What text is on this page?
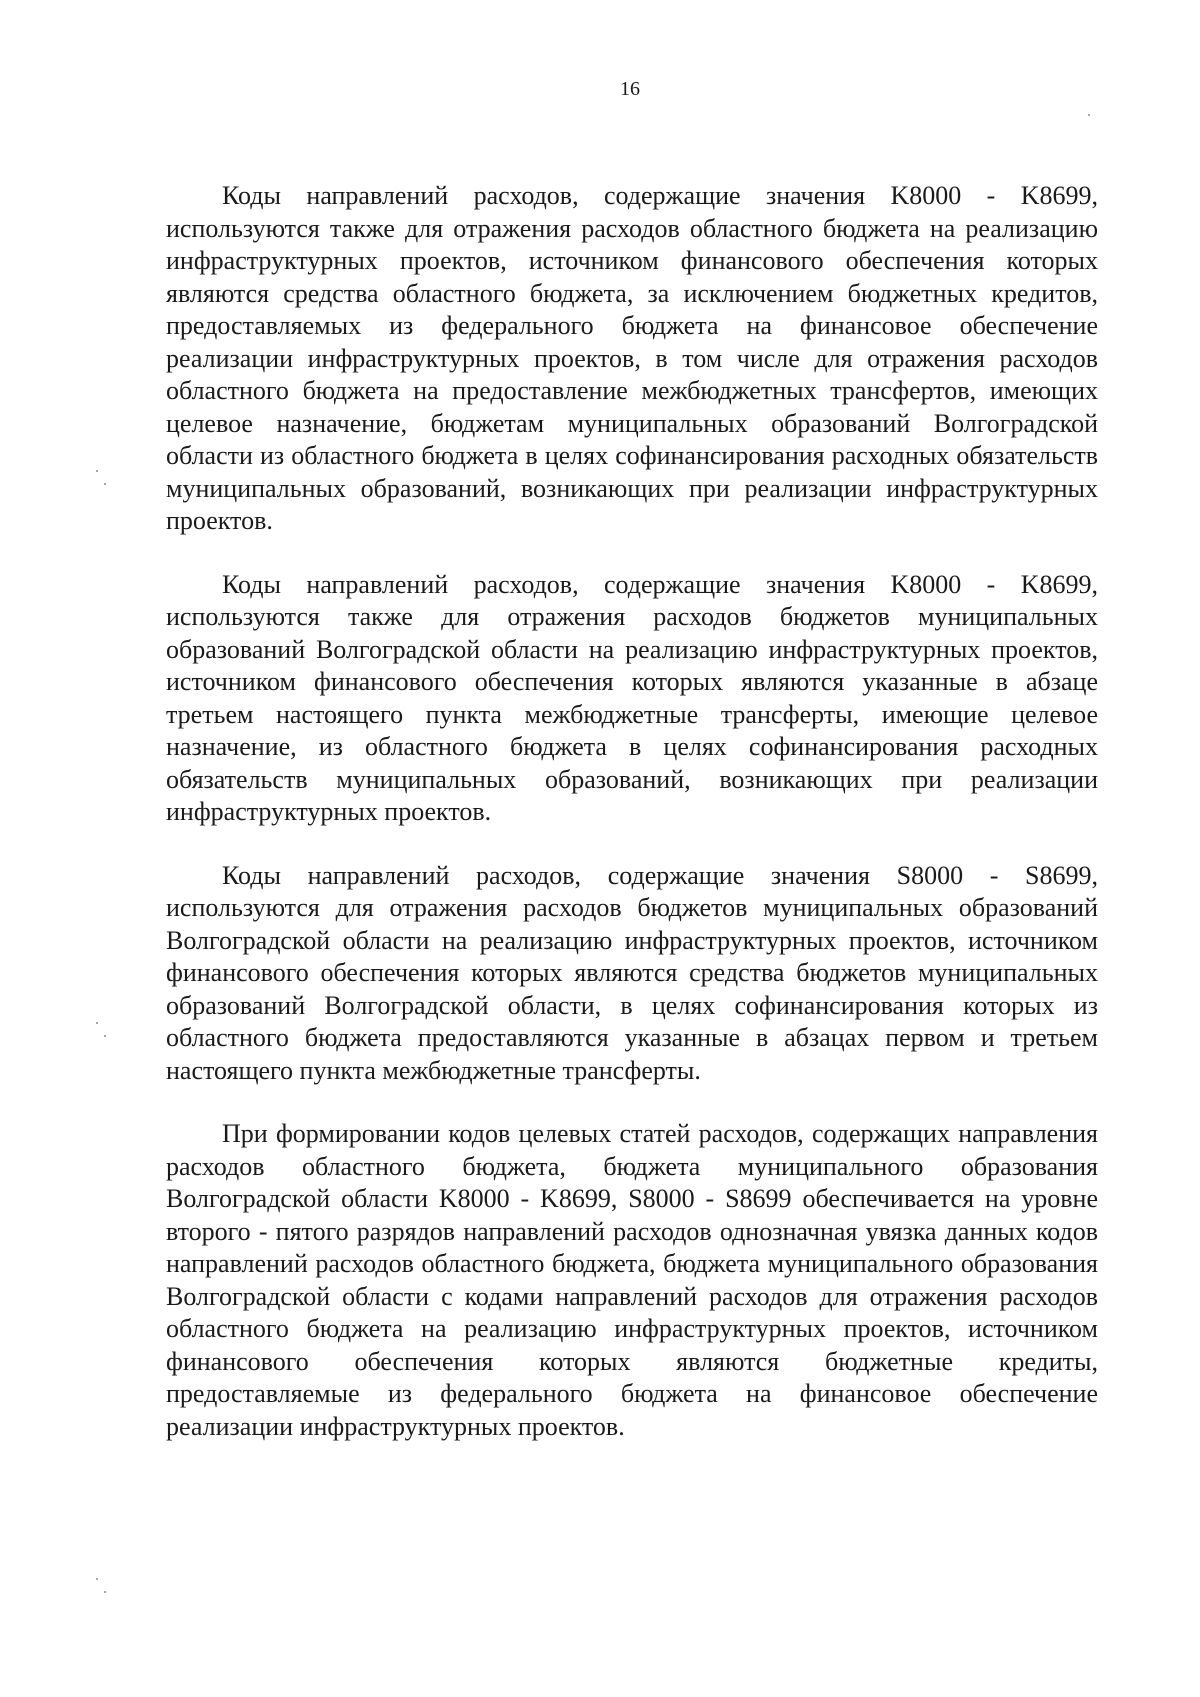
16

Коды направлений расходов, содержащие значения K8000 - K8699, используются также для отражения расходов областного бюджета на реализацию инфраструктурных проектов, источником финансового обеспечения которых являются средства областного бюджета, за исключением бюджетных кредитов, предоставляемых из федерального бюджета на финансовое обеспечение реализации инфраструктурных проектов, в том числе для отражения расходов областного бюджета на предоставление межбюджетных трансфертов, имеющих целевое назначение, бюджетам муниципальных образований Волгоградской области из областного бюджета в целях софинансирования расходных обязательств муниципальных образований, возникающих при реализации инфраструктурных проектов.

Коды направлений расходов, содержащие значения K8000 - K8699, используются также для отражения расходов бюджетов муниципальных образований Волгоградской области на реализацию инфраструктурных проектов, источником финансового обеспечения которых являются указанные в абзаце третьем настоящего пункта межбюджетные трансферты, имеющие целевое назначение, из областного бюджета в целях софинансирования расходных обязательств муниципальных образований, возникающих при реализации инфраструктурных проектов.

Коды направлений расходов, содержащие значения S8000 - S8699, используются для отражения расходов бюджетов муниципальных образований Волгоградской области на реализацию инфраструктурных проектов, источником финансового обеспечения которых являются средства бюджетов муниципальных образований Волгоградской области, в целях софинансирования которых из областного бюджета предоставляются указанные в абзацах первом и третьем настоящего пункта межбюджетные трансферты.

При формировании кодов целевых статей расходов, содержащих направления расходов областного бюджета, бюджета муниципального образования Волгоградской области K8000 - K8699, S8000 - S8699 обеспечивается на уровне второго - пятого разрядов направлений расходов однозначная увязка данных кодов направлений расходов областного бюджета, бюджета муниципального образования Волгоградской области с кодами направлений расходов для отражения расходов областного бюджета на реализацию инфраструктурных проектов, источником финансового обеспечения которых являются бюджетные кредиты, предоставляемые из федерального бюджета на финансовое обеспечение реализации инфраструктурных проектов.
